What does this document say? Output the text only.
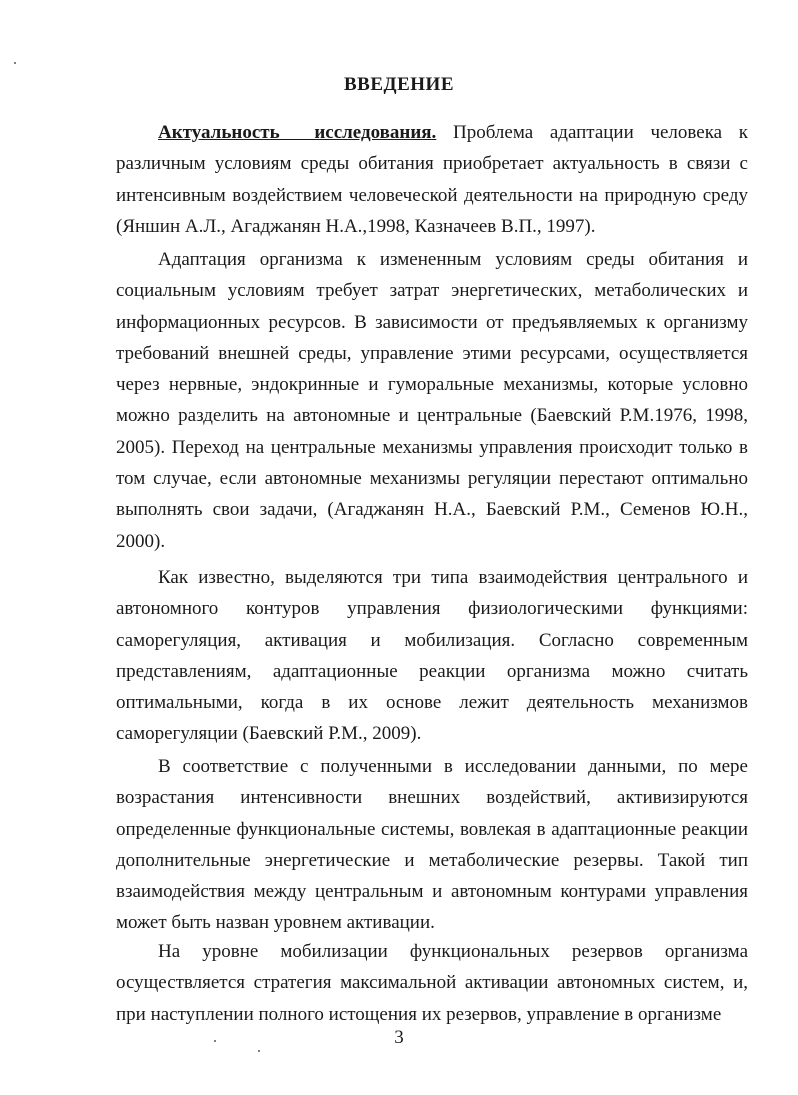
ВВЕДЕНИЕ

Актуальность исследования. Проблема адаптации человека к различным условиям среды обитания приобретает актуальность в связи с интенсивным воздействием человеческой деятельности на природную среду (Яншин А.Л., Агаджанян Н.А.,1998, Казначеев В.П., 1997).

Адаптация организма к измененным условиям среды обитания и социальным условиям требует затрат энергетических, метаболических и информационных ресурсов. В зависимости от предъявляемых к организму требований внешней среды, управление этими ресурсами, осуществляется через нервные, эндокринные и гуморальные механизмы, которые условно можно разделить на автономные и центральные (Баевский Р.М.1976, 1998, 2005). Переход на центральные механизмы управления происходит только в том случае, если автономные механизмы регуляции перестают оптимально выполнять свои задачи, (Агаджанян Н.А., Баевский Р.М., Семенов Ю.Н., 2000).

Как известно, выделяются три типа взаимодействия центрального и автономного контуров управления физиологическими функциями: саморегуляция, активация и мобилизация. Согласно современным представлениям, адаптационные реакции организма можно считать оптимальными, когда в их основе лежит деятельность механизмов саморегуляции (Баевский Р.М., 2009).

В соответствие с полученными в исследовании данными, по мере возрастания интенсивности внешних воздействий, активизируются определенные функциональные системы, вовлекая в адаптационные реакции дополнительные энергетические и метаболические резервы. Такой тип взаимодействия между центральным и автономным контурами управления может быть назван уровнем активации.

На уровне мобилизации функциональных резервов организма осуществляется стратегия максимальной активации автономных систем, и, при наступлении полного истощения их резервов, управление в организме

3
